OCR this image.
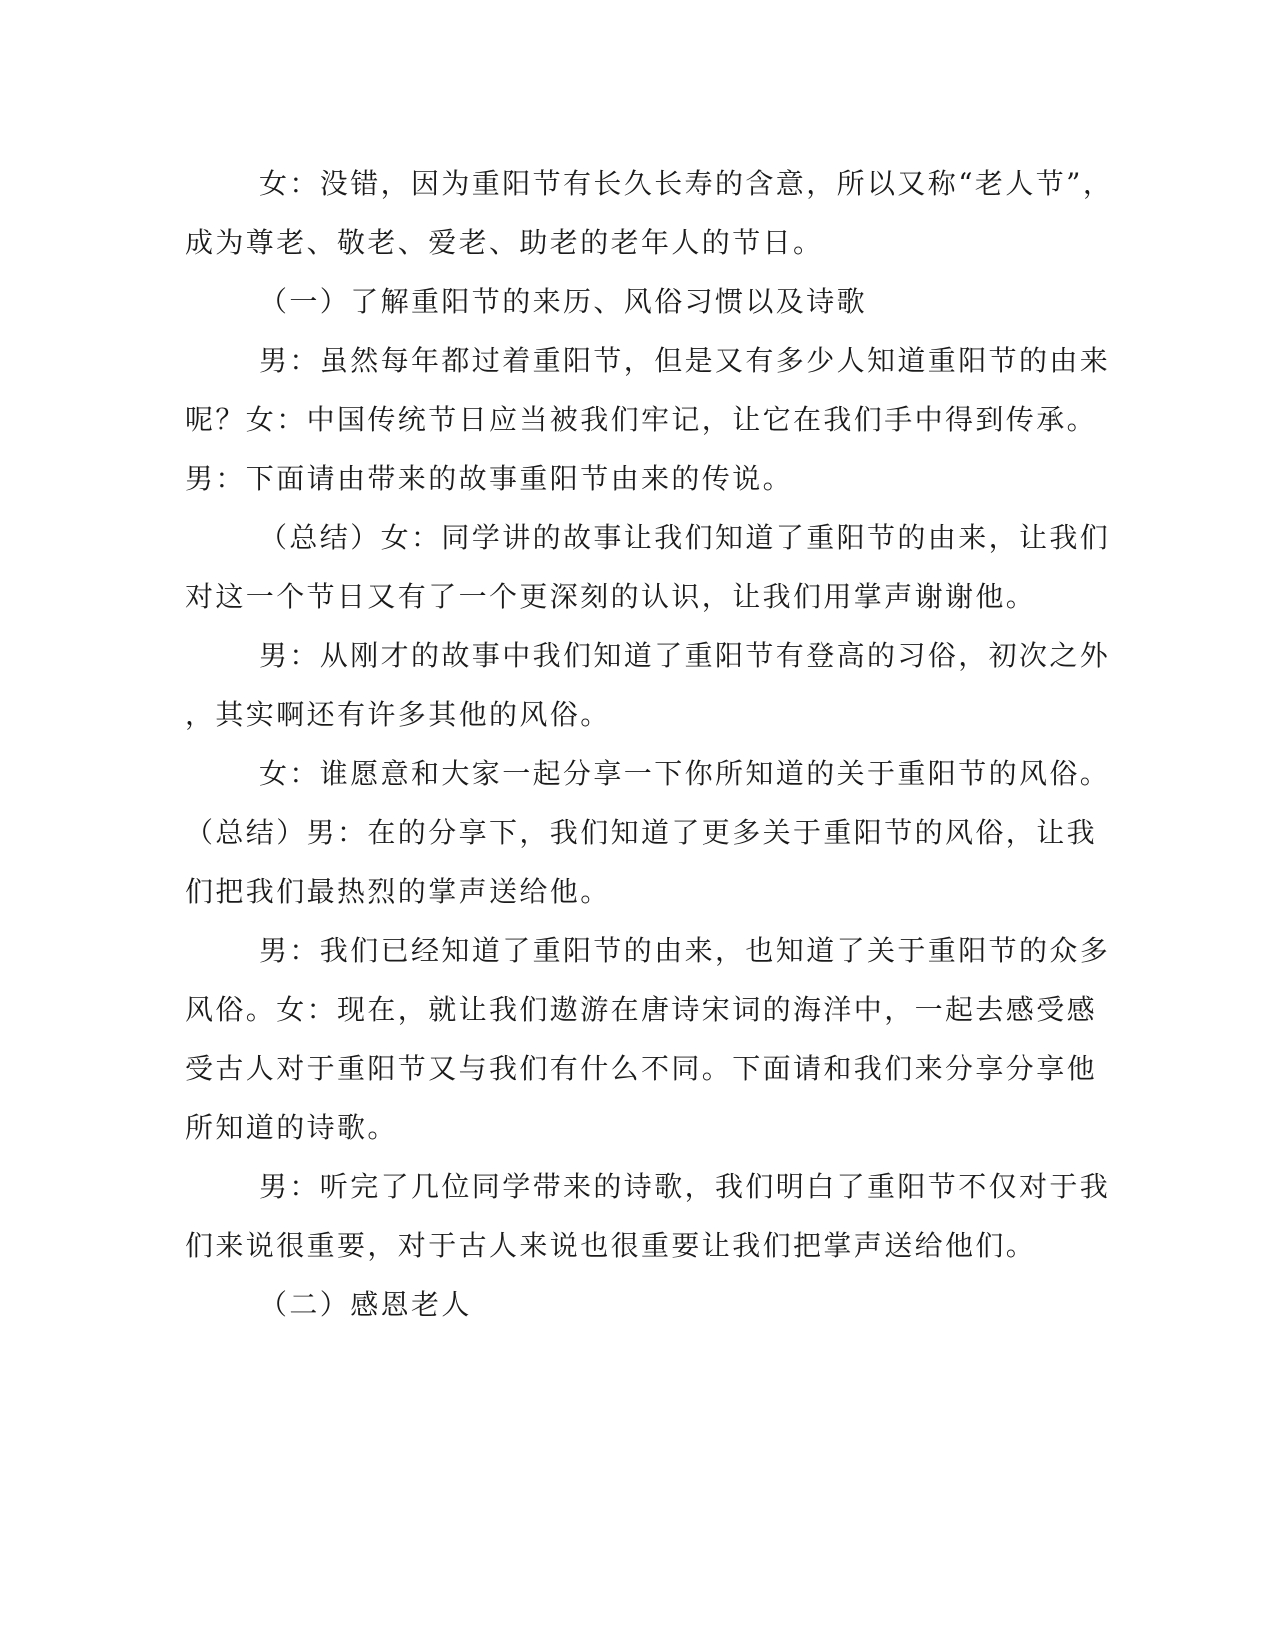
女：没错，因为重阳节有长久长寿的含意，所以又称“老人节”，
成为尊老、敬老、爱老、助老的老年人的节日。
（一）了解重阳节的来历、风俗习惯以及诗歌
男：虽然每年都过着重阳节，但是又有多少人知道重阳节的由来
呢？女：中国传统节日应当被我们牢记，让它在我们手中得到传承。
男：下面请由带来的故事重阳节由来的传说。
（总结）女：同学讲的故事让我们知道了重阳节的由来，让我们
对这一个节日又有了一个更深刻的认识，让我们用掌声谢谢他。
男：从刚才的故事中我们知道了重阳节有登高的习俗，初次之外
，其实啊还有许多其他的风俗。
女：谁愿意和大家一起分享一下你所知道的关于重阳节的风俗。
（总结）男：在的分享下，我们知道了更多关于重阳节的风俗，让我
们把我们最热烈的掌声送给他。
男：我们已经知道了重阳节的由来，也知道了关于重阳节的众多
风俗。女：现在，就让我们遨游在唐诗宋词的海洋中，一起去感受感
受古人对于重阳节又与我们有什么不同。下面请和我们来分享分享他
所知道的诗歌。
男：听完了几位同学带来的诗歌，我们明白了重阳节不仅对于我
们来说很重要，对于古人来说也很重要让我们把掌声送给他们。
（二）感恩老人
